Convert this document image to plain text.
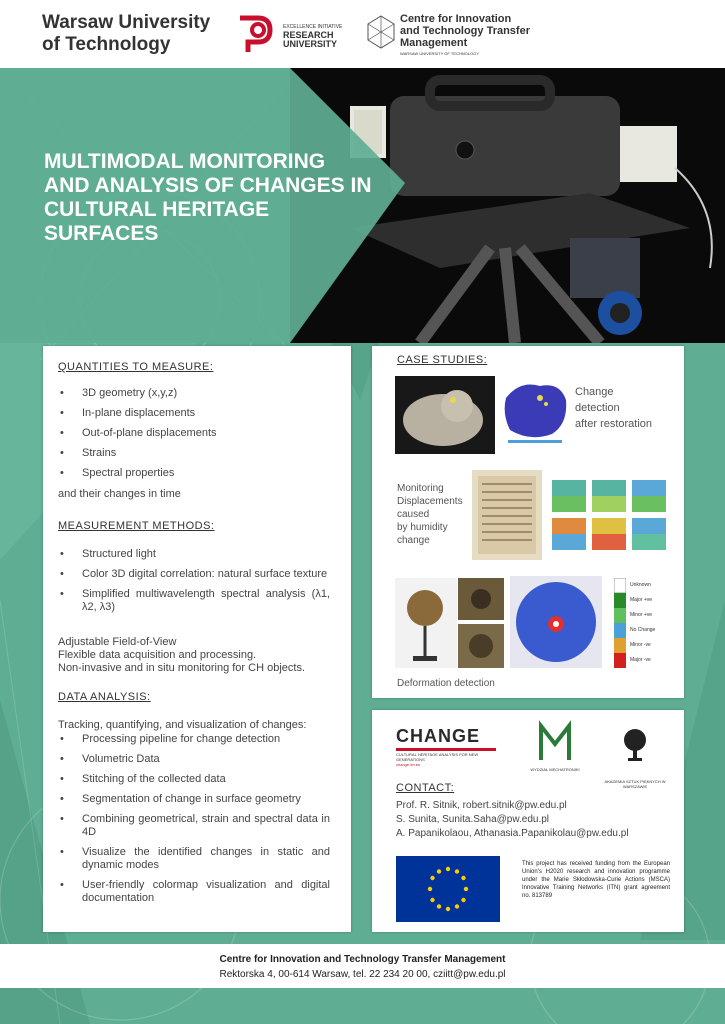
Warsaw University of Technology
EXCELLENCE INITIATIVE
RESEARCH
UNIVERSITY
Centre for Innovation and Technology Transfer Management
WARSAW UNIVERSITY OF TECHNOLOGY
MULTIMODAL MONITORING AND ANALYSIS OF CHANGES IN CULTURAL HERITAGE SURFACES
QUANTITIES TO MEASURE:
• 3D geometry (x,y,z)
• In-plane displacements
• Out-of-plane displacements
• Strains
• Spectral properties
and their changes in time
MEASUREMENT METHODS:
• Structured light
• Color 3D digital correlation: natural surface texture
• Simplified multiwavelength spectral analysis (λ1, λ2, λ3)
Adjustable Field-of-View
Flexible data acquisition and processing.
Non-invasive and in situ monitoring for CH objects.
DATA ANALYSIS:
Tracking, quantifying, and visualization of changes:
• Processing pipeline for change detection
• Volumetric Data
• Stitching of the collected data
• Segmentation of change in surface geometry
• Combining geometrical, strain and spectral data in 4D
• Visualize the identified changes in static and dynamic modes
• User-friendly colormap visualization and digital documentation
CASE STUDIES:
Change
detection
after restoration
Monitoring
Displacements
caused
by humidity
change
Unknown
Major +ve
Minor +ve
No Change
Minor -ve
Major -ve
Deformation detection
CHANGE
CULTURAL HERITAGE ANALYSIS FOR NEW GENERATIONS
change-itn.eu
WYDZIAŁ MECHATRONIKI
AKADEMIA SZTUK PIĘKNYCH W WARSZAWIE
CONTACT:
Prof. R. Sitnik, robert.sitnik@pw.edu.pl
S. Sunita, Sunita.Saha@pw.edu.pl
A. Papanikolaou, Athanasia.Papanikolau@pw.edu.pl
This project has received funding from the European Union's H2020 research and innovation programme under the Marie Skłodowska-Curie Actions (MSCA) Innovative Training Networks (ITN) grant agreement no. 813789
Centre for Innovation and Technology Transfer Management
Rektorska 4, 00-614 Warsaw, tel. 22 234 20 00, cziitt@pw.edu.pl
